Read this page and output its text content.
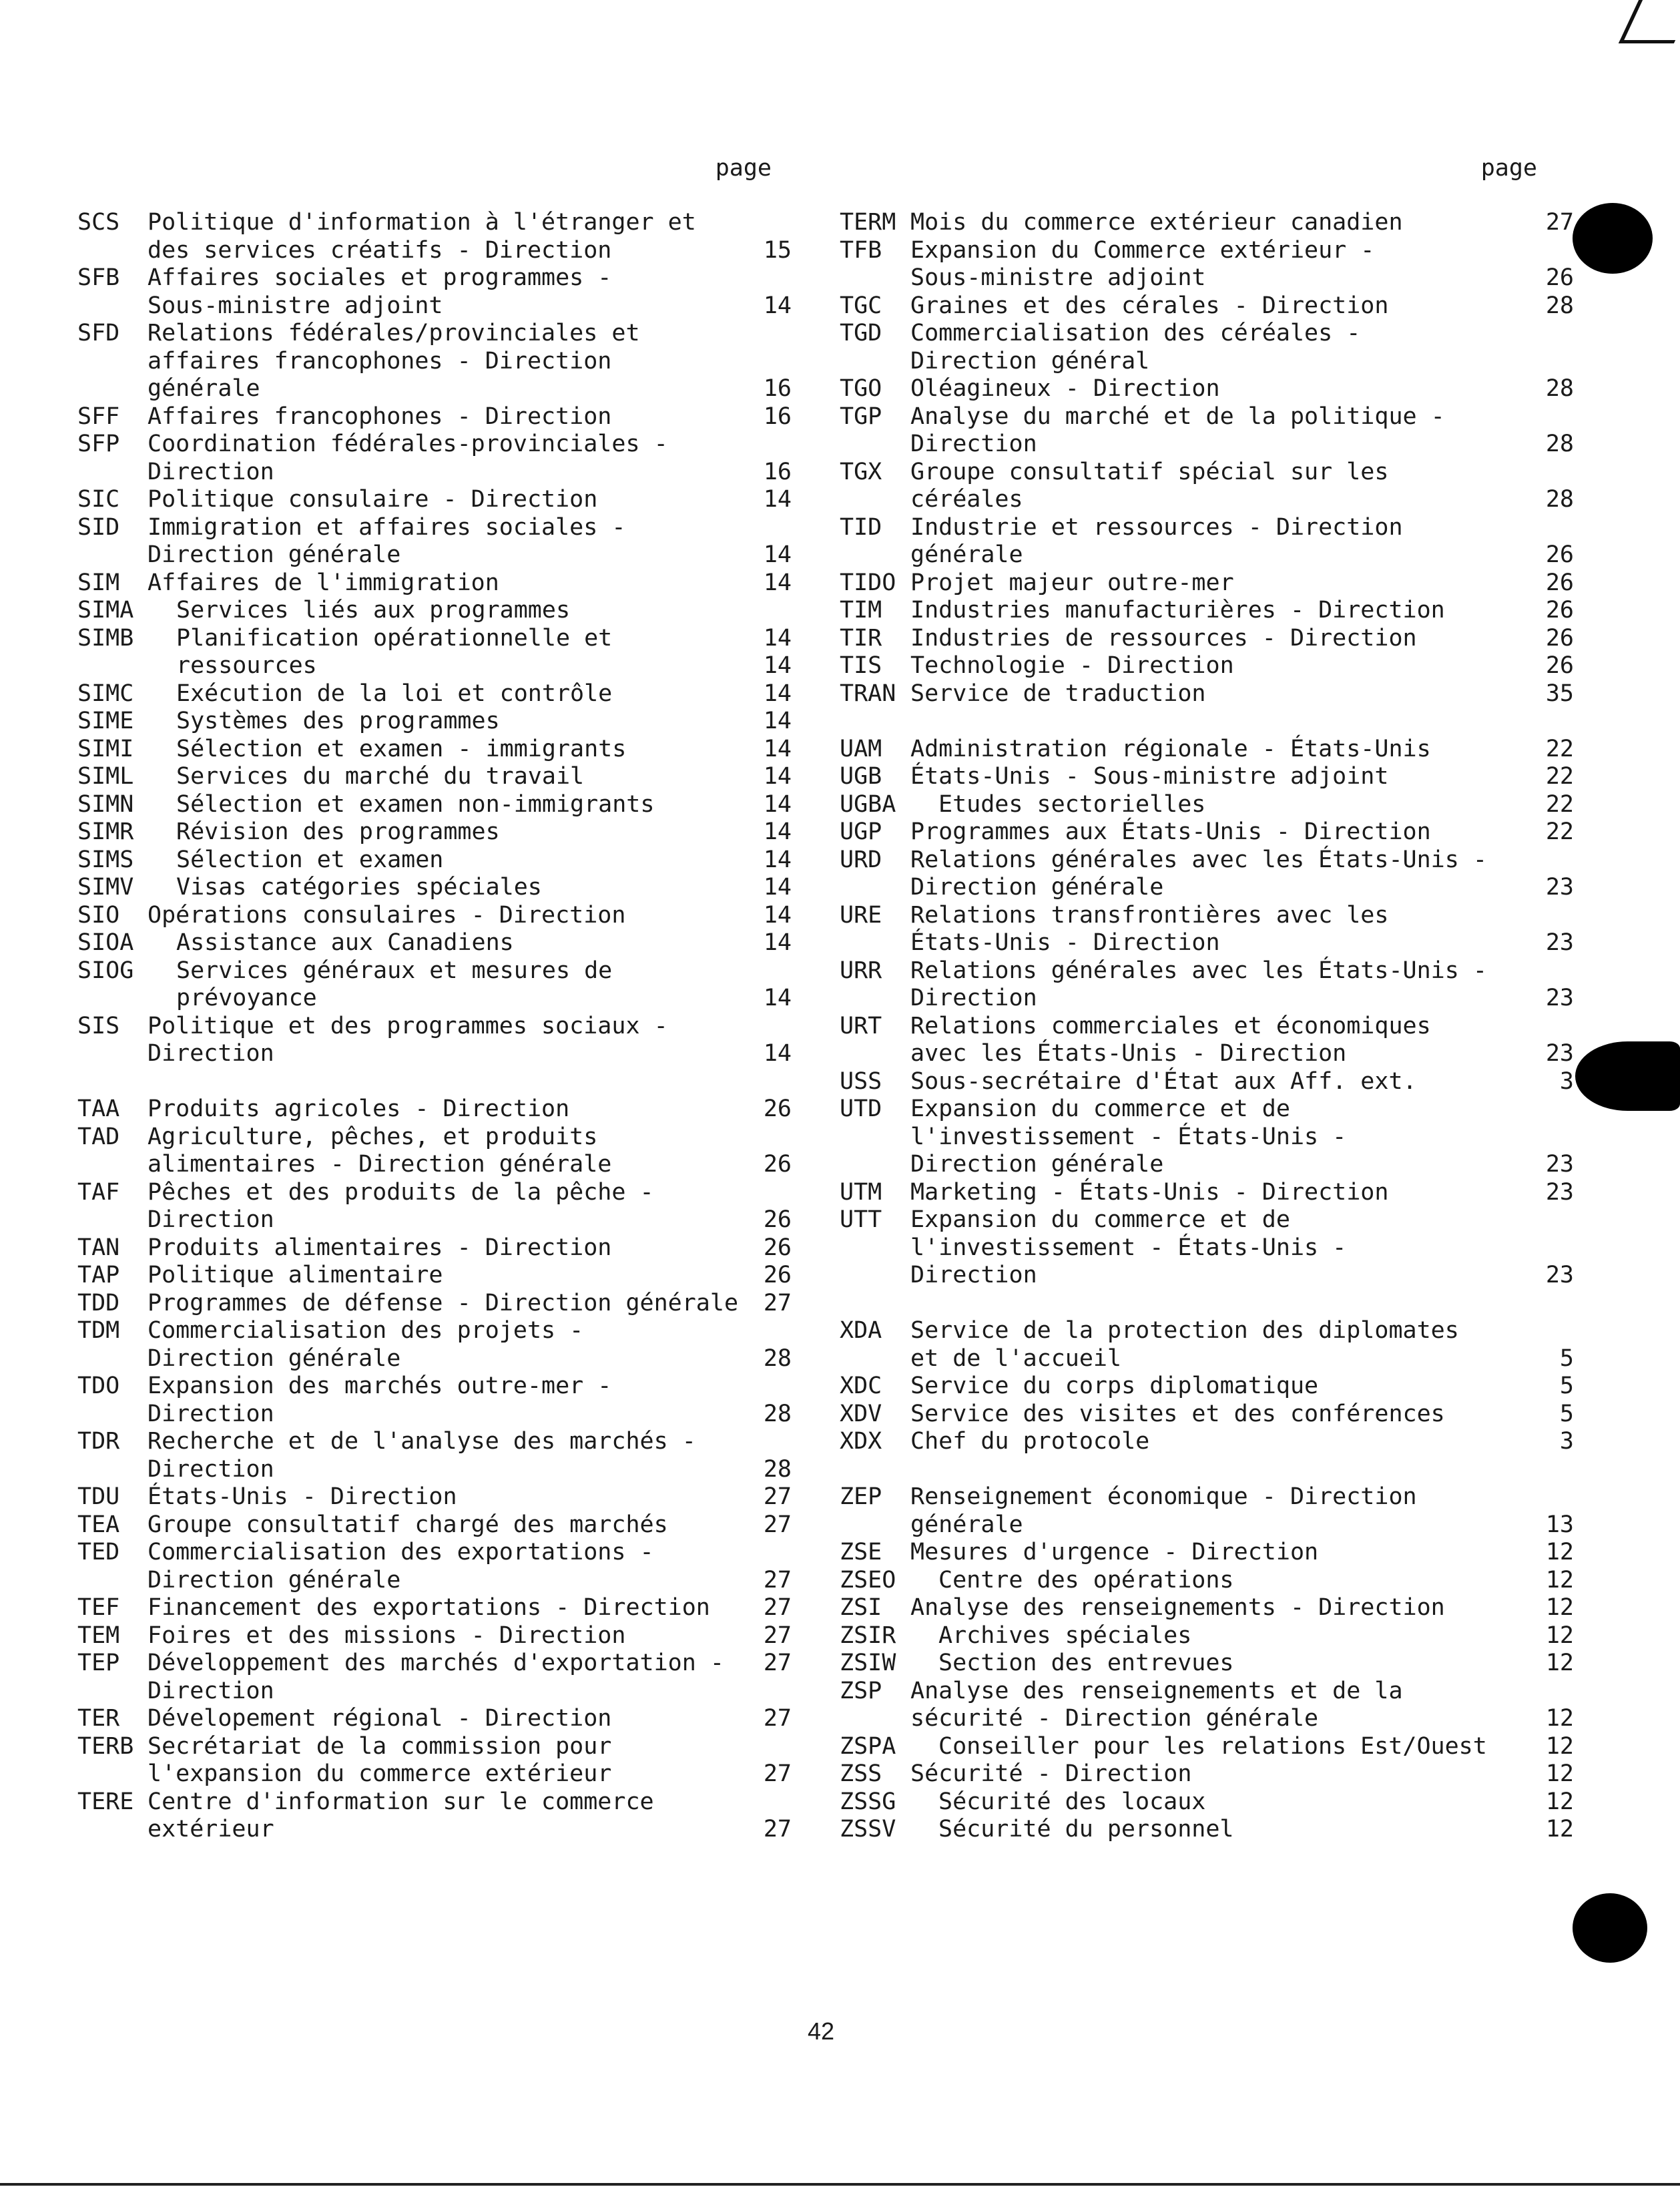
page
SCS Politique d'information à l'étranger et
des services créatifs - Direction	15
SFB Affaires sociales et programmes -
Sous-ministre adjoint	14
SFD Relations fédérales/provinciales et
affaires francophones - Direction
générale	16
SFF Affaires francophones - Direction	16
SFP Coordination fédérales-provinciales -
Direction	16
SIC Politique consulaire - Direction	14
SID Immigration et affaires sociales -
Direction générale	14
SIM Affaires de l'immigration	14
SIMA Services liés aux programmes
SIMB Planification opérationnelle et	14
ressources	14
SIMC Exécution de la loi et contrôle	14
SIME Systèmes des programmes	14
SIMI Sélection et examen - immigrants	14
SIML Services du marché du travail	14
SIMN Sélection et examen non-immigrants	14
SIMR Révision des programmes	14
SIMS Sélection et examen	14
SIMV Visas catégories spéciales	14
SIO Opérations consulaires - Direction	14
SIOA Assistance aux Canadiens	14
SIOG Services généraux et mesures de
prévoyance	14
SIS Politique et des programmes sociaux -
Direction	14
TAA Produits agricoles - Direction	26
TAD Agriculture, pêches, et produits
alimentaires - Direction générale	26
TAF Pêches et des produits de la pêche -
Direction	26
TAN Produits alimentaires - Direction	26
TAP Politique alimentaire	26
TDD Programmes de défense - Direction générale	27
TDM Commercialisation des projets -
Direction générale	28
TDO Expansion des marchés outre-mer -
Direction	28
TDR Recherche et de l'analyse des marchés -
Direction	28
TDU États-Unis - Direction	27
TEA Groupe consultatif chargé des marchés	27
TED Commercialisation des exportations -
Direction générale	27
TEF Financement des exportations - Direction	27
TEM Foires et des missions - Direction	27
TEP Développement des marchés d'exportation -	27
Direction
TER Dévelopement régional - Direction	27
TERB Secrétariat de la commission pour
l'expansion du commerce extérieur	27
TERE Centre d'information sur le commerce
extérieur	27
page
TERM Mois du commerce extérieur canadien	27
TFB Expansion du Commerce extérieur -
Sous-ministre adjoint	26
TGC Graines et des cérales - Direction	28
TGD Commercialisation des céréales -
Direction général
TGO Oléagineux - Direction	28
TGP Analyse du marché et de la politique -
Direction	28
TGX Groupe consultatif spécial sur les
céréales	28
TID Industrie et ressources - Direction
générale	26
TIDO Projet majeur outre-mer	26
TIM Industries manufacturières - Direction	26
TIR Industries de ressources - Direction	26
TIS Technologie - Direction	26
TRAN Service de traduction	35
UAM Administration régionale - États-Unis	22
UGB États-Unis - Sous-ministre adjoint	22
UGBA Etudes sectorielles	22
UGP Programmes aux États-Unis - Direction	22
URD Relations générales avec les États-Unis -
Direction générale	23
URE Relations transfrontières avec les
États-Unis - Direction	23
URR Relations générales avec les États-Unis -
Direction	23
URT Relations commerciales et économiques
avec les États-Unis - Direction	23
USS Sous-secrétaire d'État aux Aff. ext.	3
UTD Expansion du commerce et de
l'investissement - États-Unis -
Direction générale	23
UTM Marketing - États-Unis - Direction	23
UTT Expansion du commerce et de
l'investissement - États-Unis -
Direction	23
XDA Service de la protection des diplomates
et de l'accueil	5
XDC Service du corps diplomatique	5
XDV Service des visites et des conférences	5
XDX Chef du protocole	3
ZEP Renseignement économique - Direction
générale	13
ZSE Mesures d'urgence - Direction	12
ZSEO Centre des opérations	12
ZSI Analyse des renseignements - Direction	12
ZSIR Archives spéciales	12
ZSIW Section des entrevues	12
ZSP Analyse des renseignements et de la
sécurité - Direction générale	12
ZSPA Conseiller pour les relations Est/Ouest	12
ZSS Sécurité - Direction	12
ZSSG Sécurité des locaux	12
ZSSV Sécurité du personnel	12
42
